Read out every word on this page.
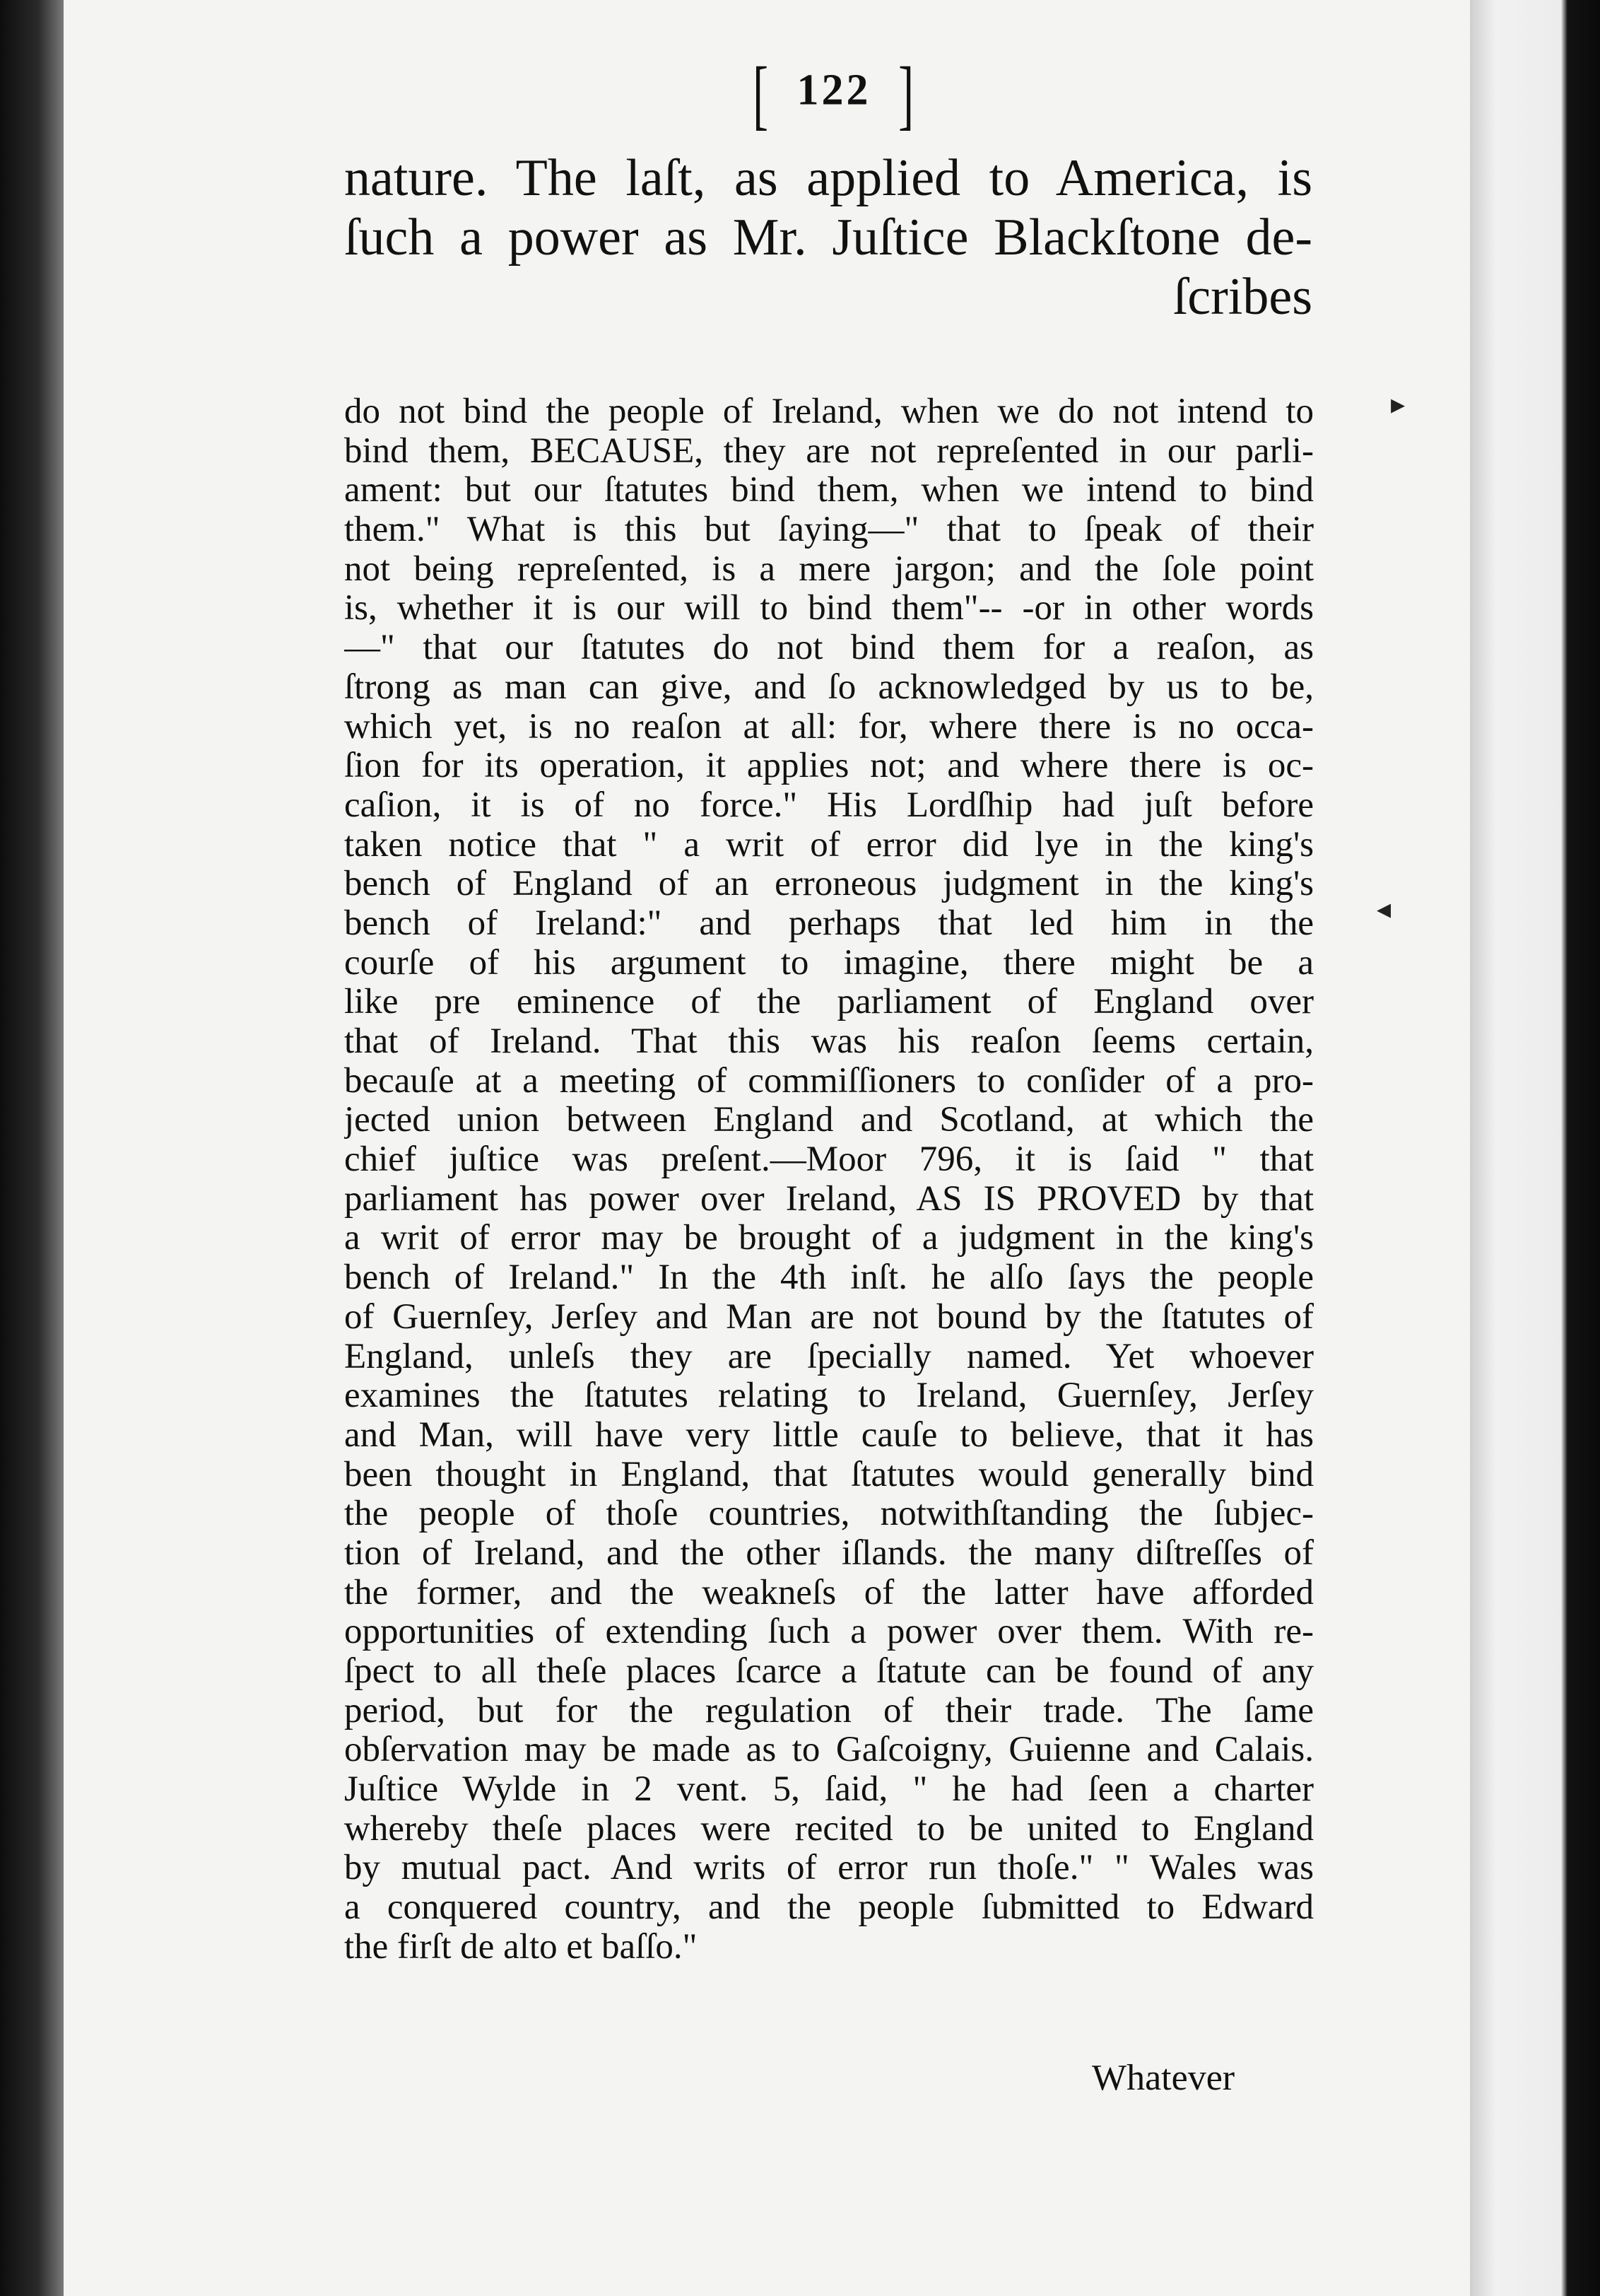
[ 122 ]
nature. The laſt, as applied to America, is
ſuch a power as Mr. Juſtice Blackſtone de-
ſcribes
do not bind the people of Ireland, when we do not intend to
bind them, BECAUSE, they are not repreſented in our parli-
ament: but our ſtatutes bind them, when we intend to bind
them." What is this but ſaying—" that to ſpeak of their
not being repreſented, is a mere jargon; and the ſole point
is, whether it is our will to bind them"-- -or in other words
—" that our ſtatutes do not bind them for a reaſon, as
ſtrong as man can give, and ſo acknowledged by us to be,
which yet, is no reaſon at all: for, where there is no occa-
ſion for its operation, it applies not; and where there is oc-
caſion, it is of no force." His Lordſhip had juſt before
taken notice that " a writ of error did lye in the king's
bench of England of an erroneous judgment in the king's
bench of Ireland:" and perhaps that led him in the
courſe of his argument to imagine, there might be a
like pre eminence of the parliament of England over
that of Ireland. That this was his reaſon ſeems certain,
becauſe at a meeting of commiſſioners to conſider of a pro-
jected union between England and Scotland, at which the
chief juſtice was preſent.—Moor 796, it is ſaid " that
parliament has power over Ireland, AS IS PROVED by that
a writ of error may be brought of a judgment in the king's
bench of Ireland." In the 4th inſt. he alſo ſays the people
of Guernſey, Jerſey and Man are not bound by the ſtatutes of
England, unleſs they are ſpecially named. Yet whoever
examines the ſtatutes relating to Ireland, Guernſey, Jerſey
and Man, will have very little cauſe to believe, that it has
been thought in England, that ſtatutes would generally bind
the people of thoſe countries, notwithſtanding the ſubjec-
tion of Ireland, and the other iſlands. the many diſtreſſes of
the former, and the weakneſs of the latter have afforded
opportunities of extending ſuch a power over them. With re-
ſpect to all theſe places ſcarce a ſtatute can be found of any
period, but for the regulation of their trade. The ſame
obſervation may be made as to Gaſcoigny, Guienne and Calais.
Juſtice Wylde in 2 vent. 5, ſaid, " he had ſeen a charter
whereby theſe places were recited to be united to England
by mutual pact. And writs of error run thoſe." " Wales was
a conquered country, and the people ſubmitted to Edward
the firſt de alto et baſſo."
Whatever
▸
◂
